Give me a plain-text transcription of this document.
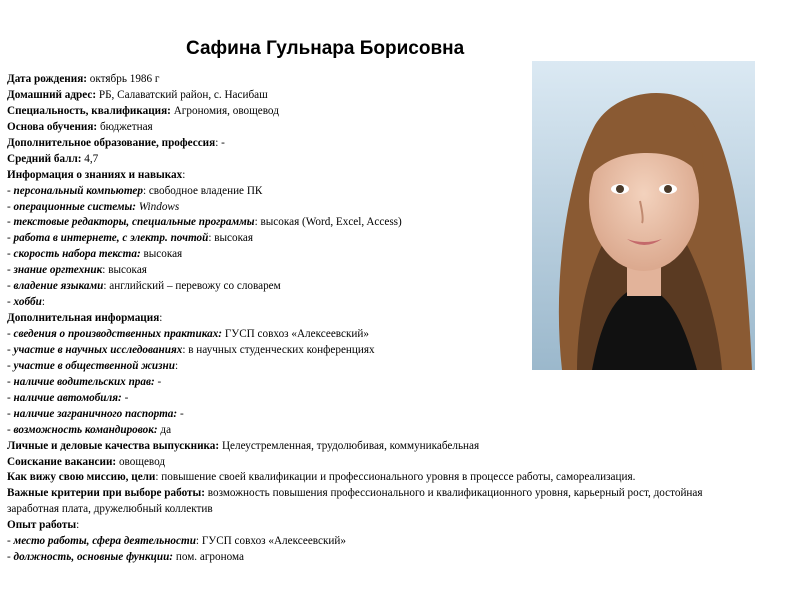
Сафина Гульнара Борисовна
Дата рождения: октябрь 1986 г
Домашний адрес: РБ, Салаватский район, с. Насибаш
Специальность, квалификация: Агрономия, овощевод
Основа обучения: бюджетная
Дополнительное образование, профессия: -
Средний балл: 4,7
Информация о знаниях и навыках:
- персональный компьютер: свободное владение ПК
- операционные системы: Windows
- текстовые редакторы, специальные программы: высокая (Word, Excel, Access)
- работа в интернете, с электр. почтой: высокая
- скорость набора текста: высокая
- знание оргтехник: высокая
- владение языками: английский – перевожу со словарем
- хобби:
Дополнительная информация:
- сведения о производственных практиках: ГУСП совхоз «Алексеевский»
- участие в научных исследованиях: в научных студенческих конференциях
- участие в общественной жизни:
- наличие водительских прав: -
- наличие автомобиля: -
- наличие заграничного паспорта: -
- возможность командировок: да
Личные и деловые качества выпускника: Целеустремленная, трудолюбивая, коммуникабельная
Соискание вакансии: овощевод
Как вижу свою миссию, цели: повышение своей квалификации и профессионального уровня в процессе работы, самореализация.
Важные критерии при выборе работы: возможность повышения профессионального и квалификационного уровня, карьерный рост, достойная заработная плата, дружелюбный коллектив
Опыт работы:
- место работы, сфера деятельности: ГУСП совхоз «Алексеевский»
- должность, основные функции: пом. агронома
